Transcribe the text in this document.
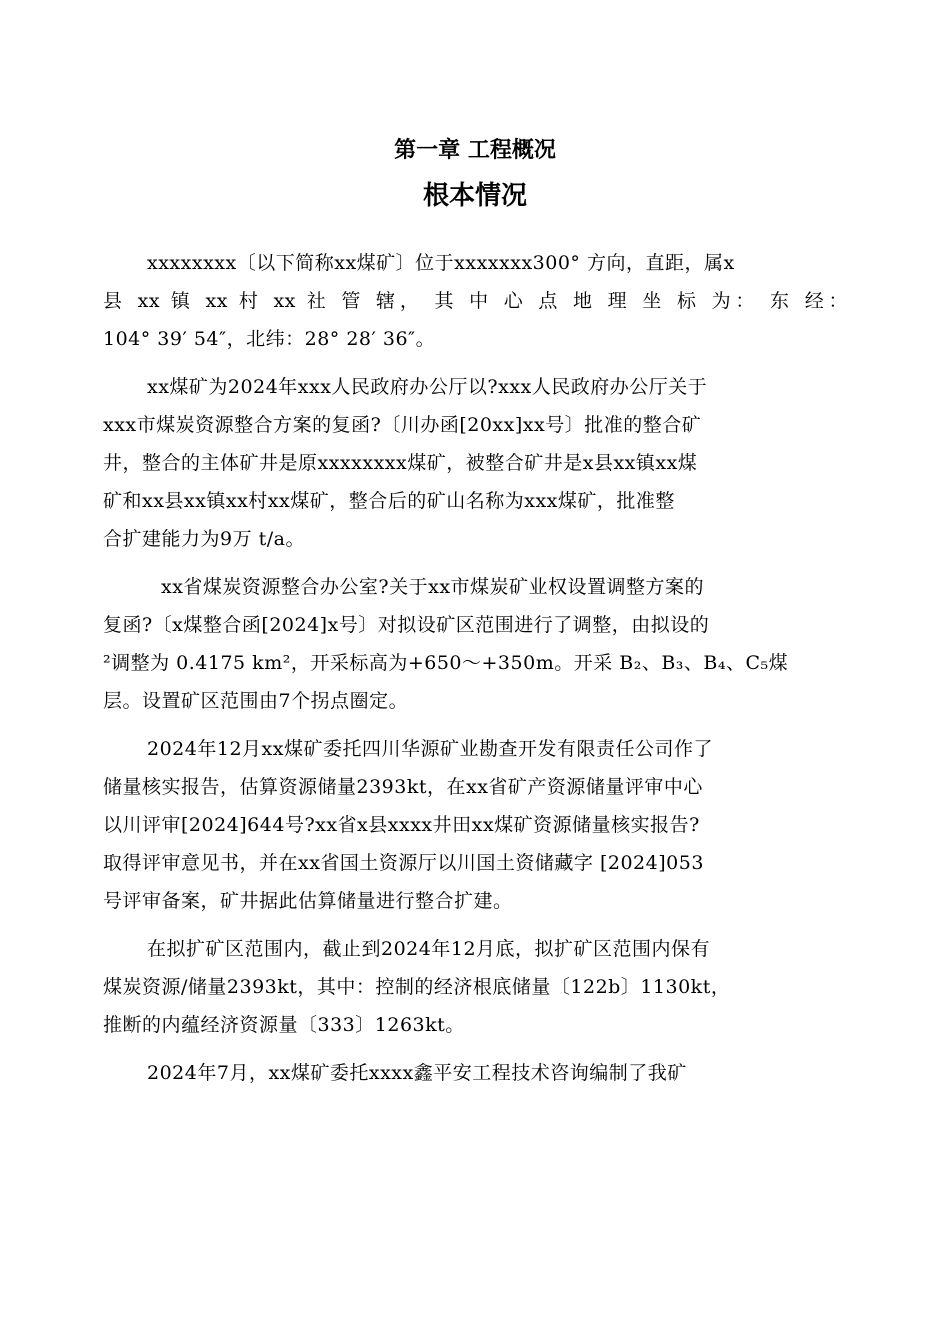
第一章 工程概况
根本情况
xxxxxxxx〔以下简称xx煤矿〕位于xxxxxxx300° 方向，直距，属x
县 xx 镇 xx 村 xx 社 管 辖， 其 中 心 点 地 理 坐 标 为： 东 经：
104° 39′ 54″，北纬：28° 28′ 36″。
xx煤矿为2024年xxx人民政府办公厅以?xxx人民政府办公厅关于
xxx市煤炭资源整合方案的复函?〔川办函[20xx]xx号〕批准的整合矿
井，整合的主体矿井是原xxxxxxxx煤矿，被整合矿井是x县xx镇xx煤
矿和xx县xx镇xx村xx煤矿，整合后的矿山名称为xxx煤矿，批准整
合扩建能力为9万 t/a。
xx省煤炭资源整合办公室?关于xx市煤炭矿业权设置调整方案的
复函?〔x煤整合函[2024]x号〕对拟设矿区范围进行了调整，由拟设的
²调整为 0.4175 km²，开采标高为+650～+350m。开采 B₂、B₃、B₄、C₅煤
层。设置矿区范围由7个拐点圈定。
2024年12月xx煤矿委托四川华源矿业勘查开发有限责任公司作了
储量核实报告，估算资源储量2393kt，在xx省矿产资源储量评审中心
以川评审[2024]644号?xx省x县xxxx井田xx煤矿资源储量核实报告?
取得评审意见书，并在xx省国土资源厅以川国土资储藏字 [2024]053
号评审备案，矿井据此估算储量进行整合扩建。
在拟扩矿区范围内，截止到2024年12月底，拟扩矿区范围内保有
煤炭资源/储量2393kt，其中：控制的经济根底储量〔122b〕1130kt，
推断的内蕴经济资源量〔333〕1263kt。
2024年7月，xx煤矿委托xxxx鑫平安工程技术咨询编制了我矿
